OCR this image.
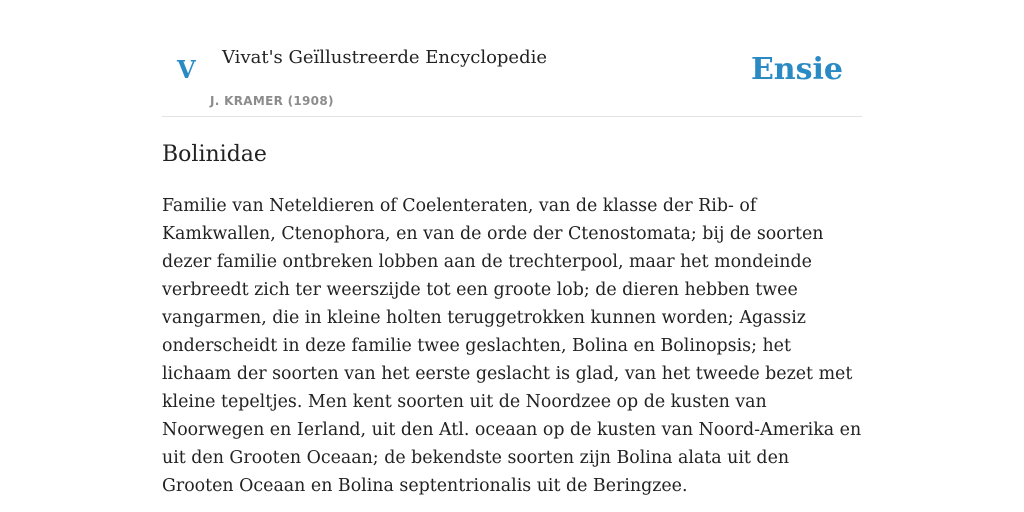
V Vivat's Geïllustreerde Encyclopedie
J. KRAMER (1908)
Ensie
Bolinidae

Familie van Neteldieren of Coelenteraten, van de klasse der Rib- of Kamkwallen, Ctenophora, en van de orde der Ctenostomata; bij de soorten dezer familie ontbreken lobben aan de trechterpool, maar het mondeinde verbreedt zich ter weerszijde tot een groote lob; de dieren hebben twee vangarmen, die in kleine holten teruggetrokken kunnen worden; Agassiz onderscheidt in deze familie twee geslachten, Bolina en Bolinopsis; het lichaam der soorten van het eerste geslacht is glad, van het tweede bezet met kleine tepeltjes. Men kent soorten uit de Noordzee op de kusten van Noorwegen en Ierland, uit den Atl. oceaan op de kusten van Noord-Amerika en uit den Grooten Oceaan; de bekendste soorten zijn Bolina alata uit den Grooten Oceaan en Bolina septentrionalis uit de Beringzee.
